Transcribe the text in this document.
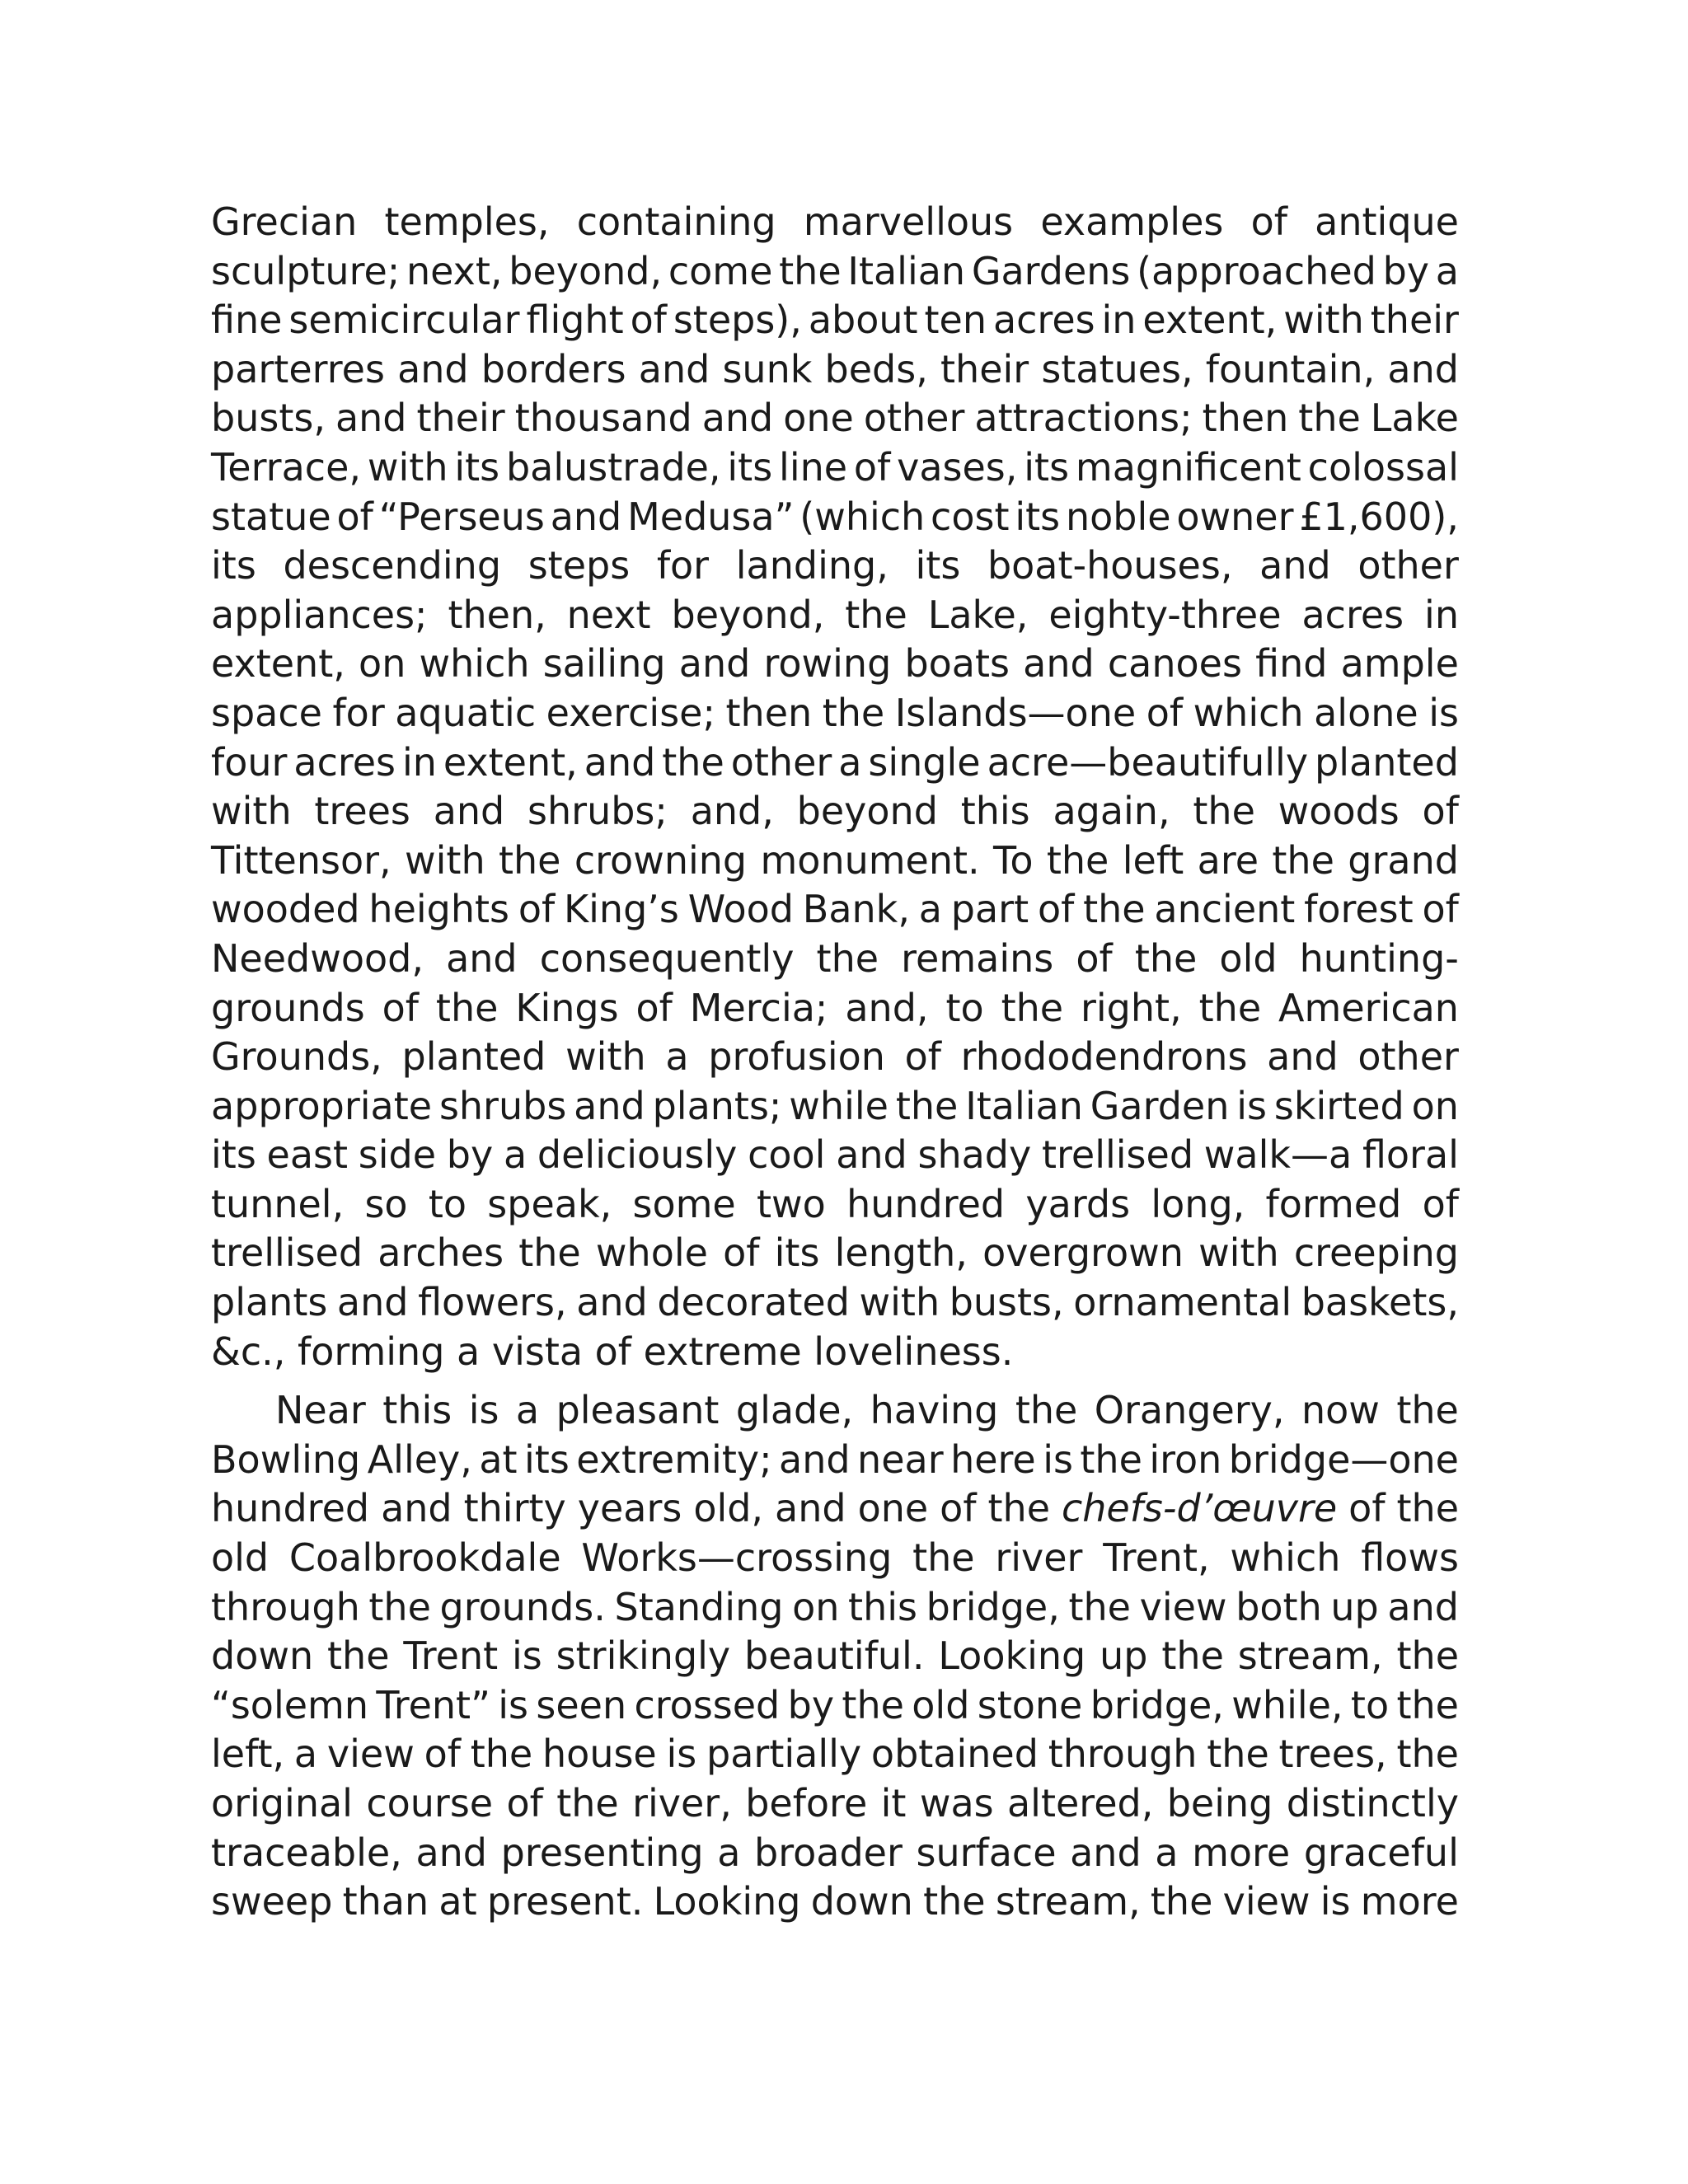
Grecian temples, containing marvellous examples of antique
sculpture; next, beyond, come the Italian Gardens (approached by a
fine semicircular flight of steps), about ten acres in extent, with their
parterres and borders and sunk beds, their statues, fountain, and
busts, and their thousand and one other attractions; then the Lake
Terrace, with its balustrade, its line of vases, its magnificent colossal
statue of “Perseus and Medusa” (which cost its noble owner £1,600),
its descending steps for landing, its boat-houses, and other
appliances; then, next beyond, the Lake, eighty-three acres in
extent, on which sailing and rowing boats and canoes find ample
space for aquatic exercise; then the Islands—one of which alone is
four acres in extent, and the other a single acre—beautifully planted
with trees and shrubs; and, beyond this again, the woods of
Tittensor, with the crowning monument. To the left are the grand
wooded heights of King’s Wood Bank, a part of the ancient forest of
Needwood, and consequently the remains of the old hunting-
grounds of the Kings of Mercia; and, to the right, the American
Grounds, planted with a profusion of rhododendrons and other
appropriate shrubs and plants; while the Italian Garden is skirted on
its east side by a deliciously cool and shady trellised walk—a floral
tunnel, so to speak, some two hundred yards long, formed of
trellised arches the whole of its length, overgrown with creeping
plants and flowers, and decorated with busts, ornamental baskets,
&c., forming a vista of extreme loveliness.
Near this is a pleasant glade, having the Orangery, now the
Bowling Alley, at its extremity; and near here is the iron bridge—one
hundred and thirty years old, and one of the chefs-d’œuvre of the
old Coalbrookdale Works—crossing the river Trent, which flows
through the grounds. Standing on this bridge, the view both up and
down the Trent is strikingly beautiful. Looking up the stream, the
“solemn Trent” is seen crossed by the old stone bridge, while, to the
left, a view of the house is partially obtained through the trees, the
original course of the river, before it was altered, being distinctly
traceable, and presenting a broader surface and a more graceful
sweep than at present. Looking down the stream, the view is more
